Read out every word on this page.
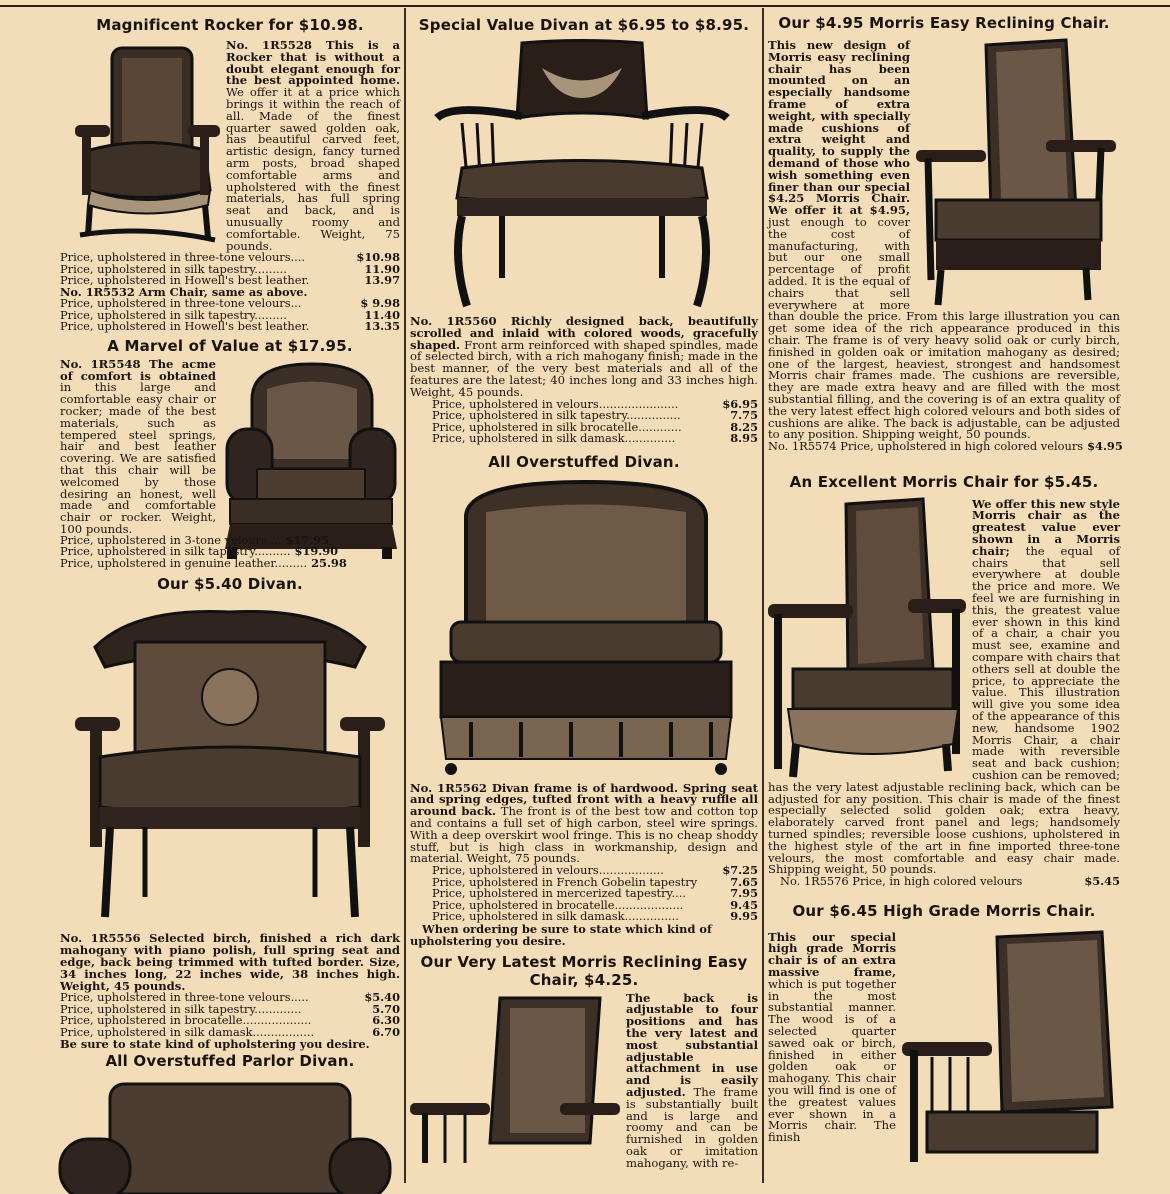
Magnificent Rocker for $10.98.

No. 1R5528 This is a Rocker that is without a doubt elegant enough for the best appointed home. We offer it at a price which brings it within the reach of all. Made of the finest quarter sawed golden oak, has beautiful carved feet, artistic design, fancy turned arm posts, broad shaped comfortable arms and upholstered with the finest materials, has full spring seat and back, and is unusually roomy and comfortable. Weight, 75 pounds.

Price, upholstered in three-tone velours....	$10.98
Price, upholstered in silk tapestry.........	11.90
Price, upholstered in Howell's best leather.	13.97
No. 1R5532 Arm Chair, same as above.
Price, upholstered in three-tone velours...	$ 9.98
Price, upholstered in silk tapestry.........	11.40
Price, upholstered in Howell's best leather.	13.35
A Marvel of Value at $17.95.

No. 1R5548 The acme of comfort is obtained in this large and comfortable easy chair or rocker; made of the best materials, such as tempered steel springs, hair and best leather covering. We are satisfied that this chair will be welcomed by those desiring an honest, well made and comfortable chair or rocker. Weight, 100 pounds.

Price, upholstered in 3-tone velours.... $17.95
Price, upholstered in silk tapestry.......... $19.90
Price, upholstered in genuine leather......... 25.98
Our $5.40 Divan.

No. 1R5556 Selected birch, finished a rich dark mahogany with piano polish, full spring seat and edge, back being trimmed with tufted border. Size, 34 inches long, 22 inches wide, 38 inches high. Weight, 45 pounds.

Price, upholstered in three-tone velours.....	$5.40
Price, upholstered in silk tapestry.............	5.70
Price, upholstered in brocatelle...................	6.30
Price, upholstered in silk damask.................	6.70
Be sure to state kind of upholstering you desire.
All Overstuffed Parlor Divan.
Special Value Divan at $6.95 to $8.95.

No. 1R5560 Richly designed back, beautifully scrolled and inlaid with colored woods, gracefully shaped. Front arm reinforced with shaped spindles, made of selected birch, with a rich mahogany finish; made in the best manner, of the very best materials and all of the features are the latest; 40 inches long and 33 inches high. Weight, 45 pounds.

Price, upholstered in velours......................	$6.95
Price, upholstered in silk tapestry...............	7.75
Price, upholstered in silk brocatelle............	8.25
Price, upholstered in silk damask..............	8.95
All Overstuffed Divan.

No. 1R5562 Divan frame is of hardwood. Spring seat and spring edges, tufted front with a heavy ruffle all around back. The front is of the best tow and cotton top and contains a full set of high carbon, steel wire springs. With a deep overskirt wool fringe. This is no cheap shoddy stuff, but is high class in workmanship, design and material. Weight, 75 pounds.

Price, upholstered in velours..................	$7.25
Price, upholstered in French Gobelin tapestry	7.65
Price, upholstered in mercerized tapestry....	7.95
Price, upholstered in brocatelle...................	9.45
Price, upholstered in silk damask...............	9.95
When ordering be sure to state which kind of upholstering you desire.
Our Very Latest Morris Reclining Easy Chair, $4.25.

The back is adjustable to four positions and has the very latest and most substantial adjustable attachment in use and is easily adjusted. The frame is substantially built and is large and roomy and can be furnished in golden oak or imitation mahogany, with re-

Our $4.95 Morris Easy Reclining Chair.

This new design of Morris easy reclining chair has been mounted on an especially handsome frame of extra weight, with specially made cushions of extra weight and quality, to supply the demand of those who wish something even finer than our special $4.25 Morris Chair. We offer it at $4.95, just enough to cover the cost of manufacturing, with but our one small percentage of profit added. It is the equal of chairs that sell everywhere at more than double the price. From this large illustration you can get some idea of the rich appearance produced in this chair. The frame is of very heavy solid oak or curly birch, finished in golden oak or imitation mahogany as desired; one of the largest, heaviest, strongest and handsomest Morris chair frames made. The cushions are reversible, they are made extra heavy and are filled with the most substantial filling, and the covering is of an extra quality of the very latest effect high colored velours and both sides of cushions are alike. The back is adjustable, can be adjusted to any position. Shipping weight, 50 pounds.

No. 1R5574 Price, upholstered in high colored velours $4.95
An Excellent Morris Chair for $5.45.

We offer this new style Morris chair as the greatest value ever shown in a Morris chair; the equal of chairs that sell everywhere at double the price and more. We feel we are furnishing in this, the greatest value ever shown in this kind of a chair, a chair you must see, examine and compare with chairs that others sell at double the price, to appreciate the value. This illustration will give you some idea of the appearance of this new, handsome 1902 Morris Chair, a chair made with reversible seat and back cushion; cushion can be removed; has the very latest adjustable reclining back, which can be adjusted for any position. This chair is made of the finest especially selected solid golden oak; extra heavy, elaborately carved front panel and legs; handsomely turned spindles; reversible loose cushions, upholstered in the highest style of the art in fine imported three-tone velours, the most comfortable and easy chair made. Shipping weight, 50 pounds.

No. 1R5576 Price, in high colored velours	$5.45
Our $6.45 High Grade Morris Chair.

This our special high grade Morris chair is of an extra massive frame, which is put together in the most substantial manner. The wood is of a selected quarter sawed oak or birch, finished in either golden oak or mahogany. This chair you will find is one of the greatest values ever shown in a Morris chair. The finish
